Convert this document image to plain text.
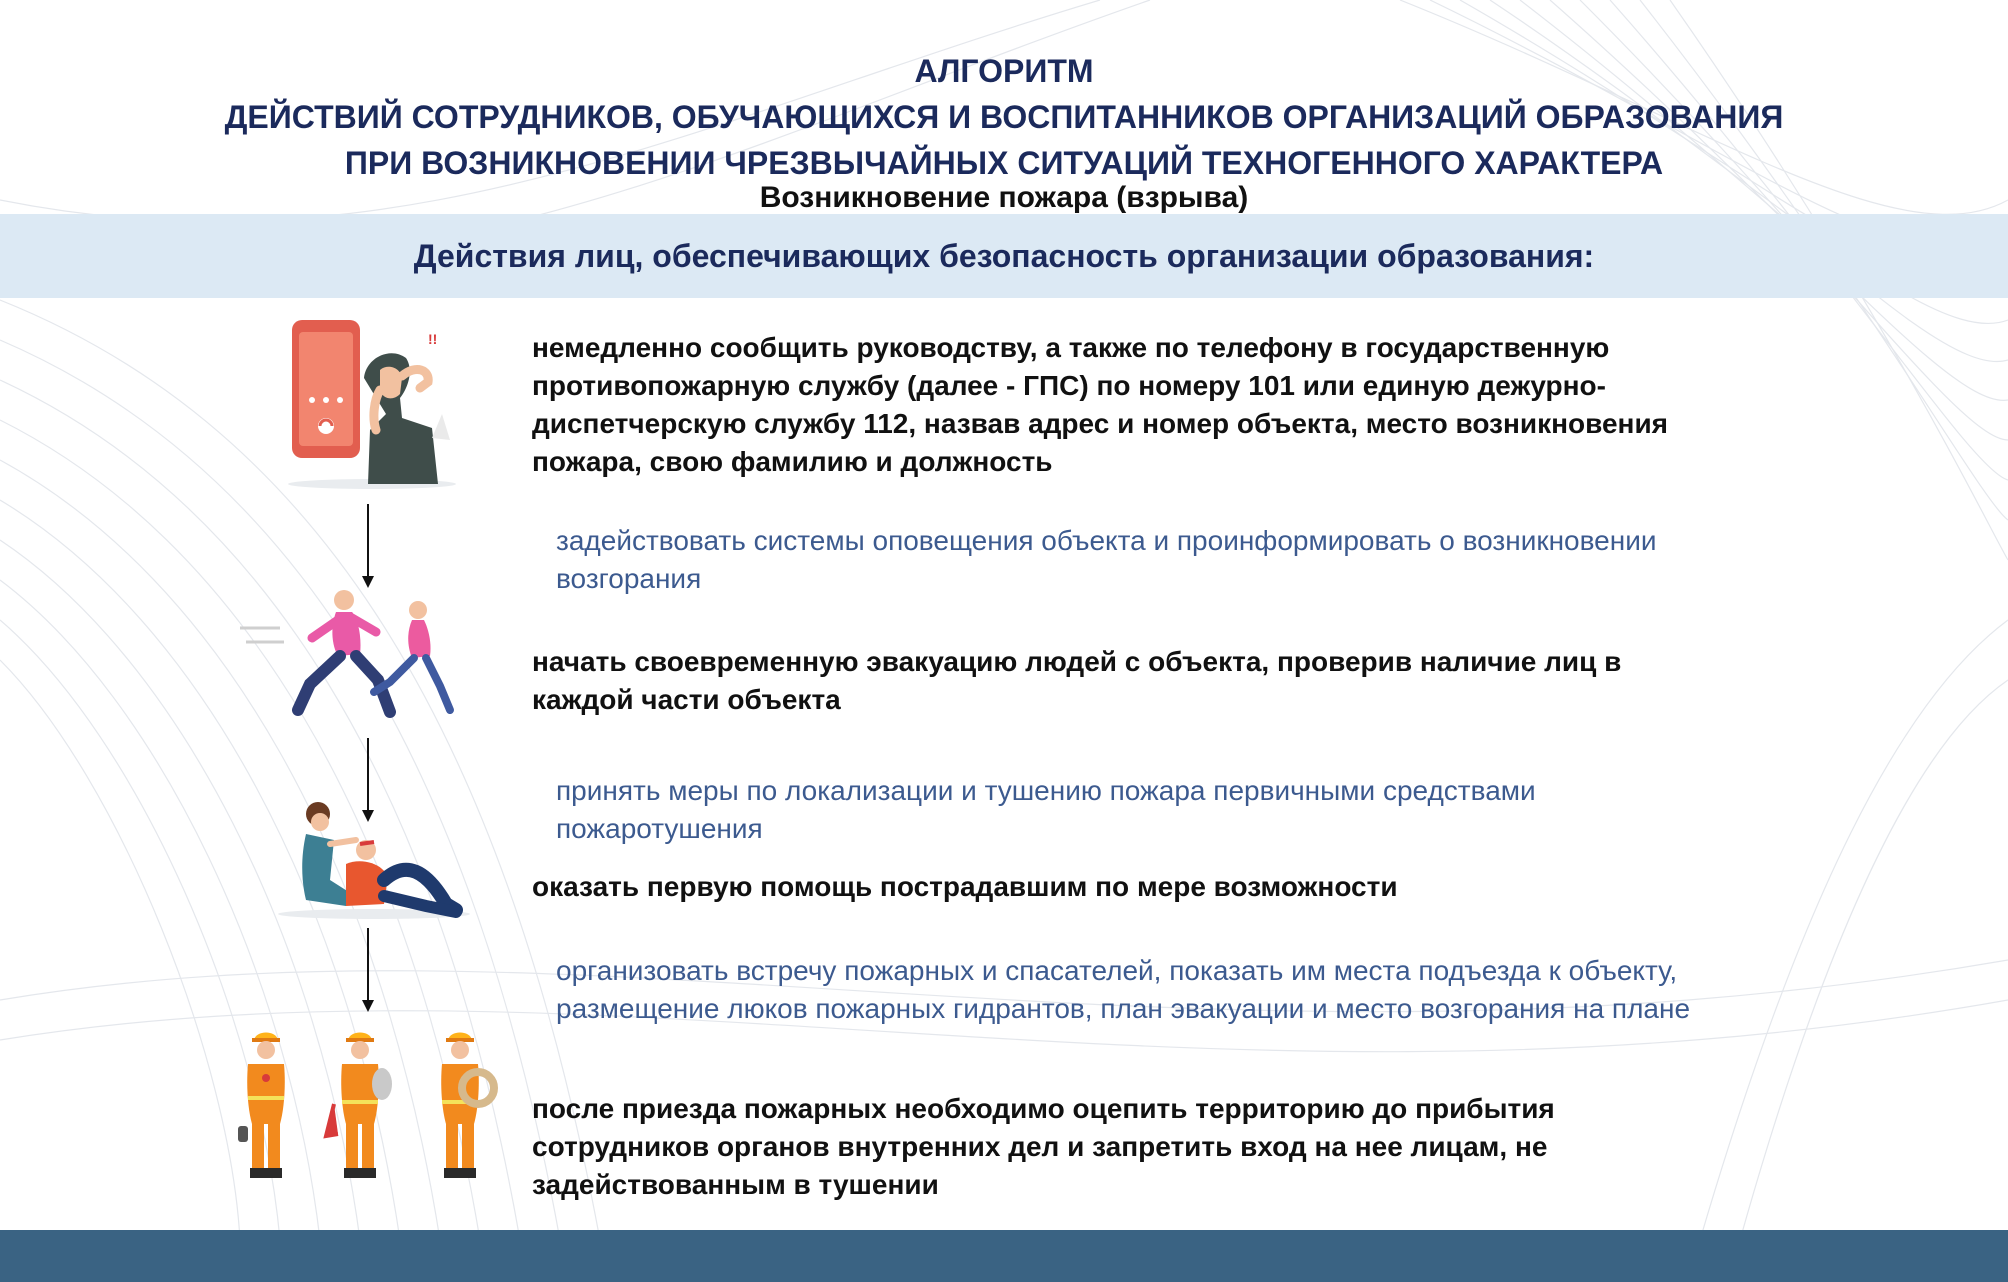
АЛГОРИТМ
ДЕЙСТВИЙ СОТРУДНИКОВ, ОБУЧАЮЩИХСЯ И ВОСПИТАННИКОВ ОРГАНИЗАЦИЙ ОБРАЗОВАНИЯ
ПРИ ВОЗНИКНОВЕНИИ ЧРЕЗВЫЧАЙНЫХ СИТУАЦИЙ ТЕХНОГЕННОГО ХАРАКТЕРА
Возникновение пожара (взрыва)
Действия лиц, обеспечивающих безопасность организации образования:
!!	немедленно сообщить руководству, а также по телефону в государственную противопожарную службу (далее - ГПС) по номеру 101 или единую дежурно-диспетчерскую службу 112, назвав адрес и номер объекта, место возникновения пожара, свою фамилию и должность

задействовать системы оповещения объекта и проинформировать о возникновении возгорания

начать своевременную эвакуацию людей с объекта, проверив наличие лиц в каждой части объекта

принять меры по локализации и тушению пожара первичными средствами пожаротушения

оказать первую помощь пострадавшим по мере возможности

организовать встречу пожарных и спасателей, показать им места подъезда к объекту, размещение люков пожарных гидрантов, план эвакуации и место возгорания на плане

после приезда пожарных необходимо оцепить территорию до прибытия сотрудников органов внутренних дел и запретить вход на нее лицам, не задействованным в тушении
